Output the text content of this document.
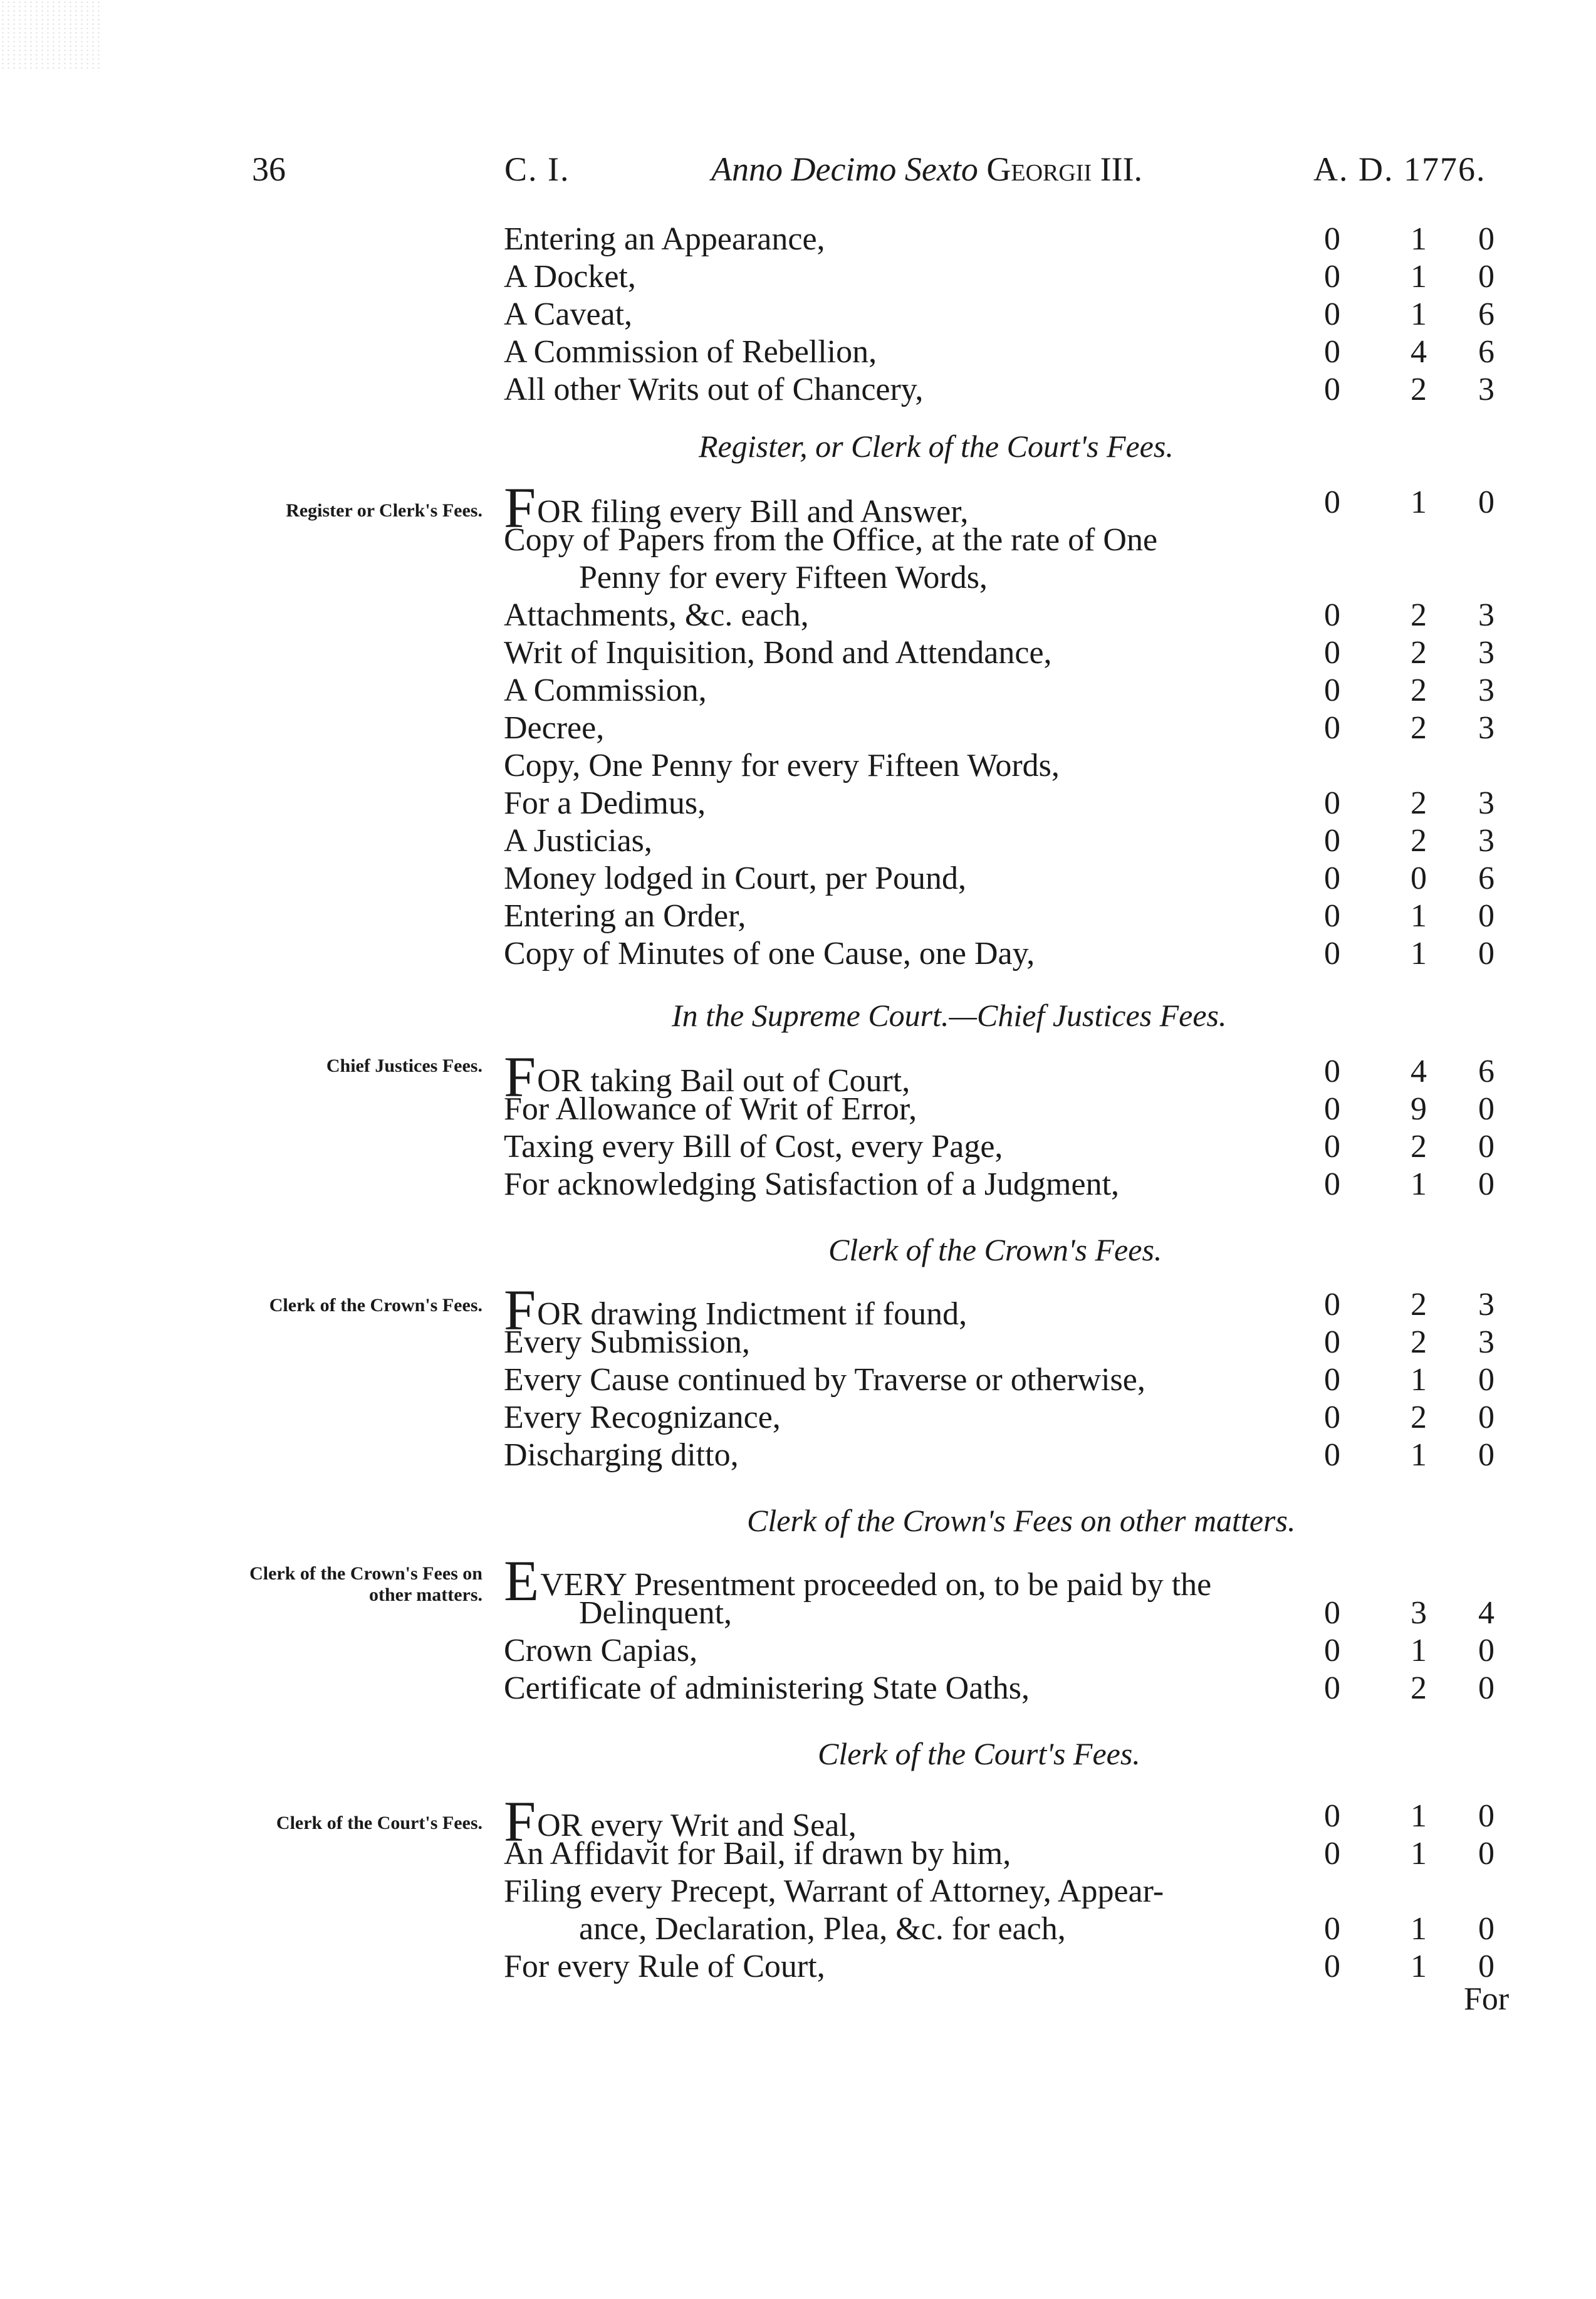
36	C. I.	Anno Decimo Sexto Georgii III.	A. D. 1776.
Entering an Appearance,	0	1	0
A Docket,	0	1	0
A Caveat,	0	1	6
A Commission of Rebellion,	0	4	6
All other Writs out of Chancery,	0	2	3
Register, or Clerk of the Court's Fees.
Register or Clerk's Fees. FOR filing every Bill and Answer,	0	1	0
Copy of Papers from the Office, at the rate of One
Penny for every Fifteen Words,
Attachments, &c. each,	0	2	3
Writ of Inquisition, Bond and Attendance,	0	2	3
A Commission,	0	2	3
Decree,	0	2	3
Copy, One Penny for every Fifteen Words,
For a Dedimus,	0	2	3
A Justicias,	0	2	3
Money lodged in Court, per Pound,	0	0	6
Entering an Order,	0	1	0
Copy of Minutes of one Cause, one Day,	0	1	0
In the Supreme Court.—Chief Justices Fees.
Chief Justices Fees. FOR taking Bail out of Court,	0	4	6
For Allowance of Writ of Error,	0	9	0
Taxing every Bill of Cost, every Page,	0	2	0
For acknowledging Satisfaction of a Judgment,	0	1	0
Clerk of the Crown's Fees.
Clerk of the Crown's Fees. FOR drawing Indictment if found,	0	2	3
Every Submission,	0	2	3
Every Cause continued by Traverse or otherwise,	0	1	0
Every Recognizance,	0	2	0
Discharging ditto,	0	1	0
Clerk of the Crown's Fees on other matters.
Clerk of the Crown's Fees on other matters. EVERY Presentment proceeded on, to be paid by the
Delinquent,	0	3	4
Crown Capias,	0	1	0
Certificate of administering State Oaths,	0	2	0
Clerk of the Court's Fees.
Clerk of the Court's Fees. FOR every Writ and Seal,	0	1	0
An Affidavit for Bail, if drawn by him,	0	1	0
Filing every Precept, Warrant of Attorney, Appear-
ance, Declaration, Plea, &c. for each,	0	1	0
For every Rule of Court,	0	1	0
For
